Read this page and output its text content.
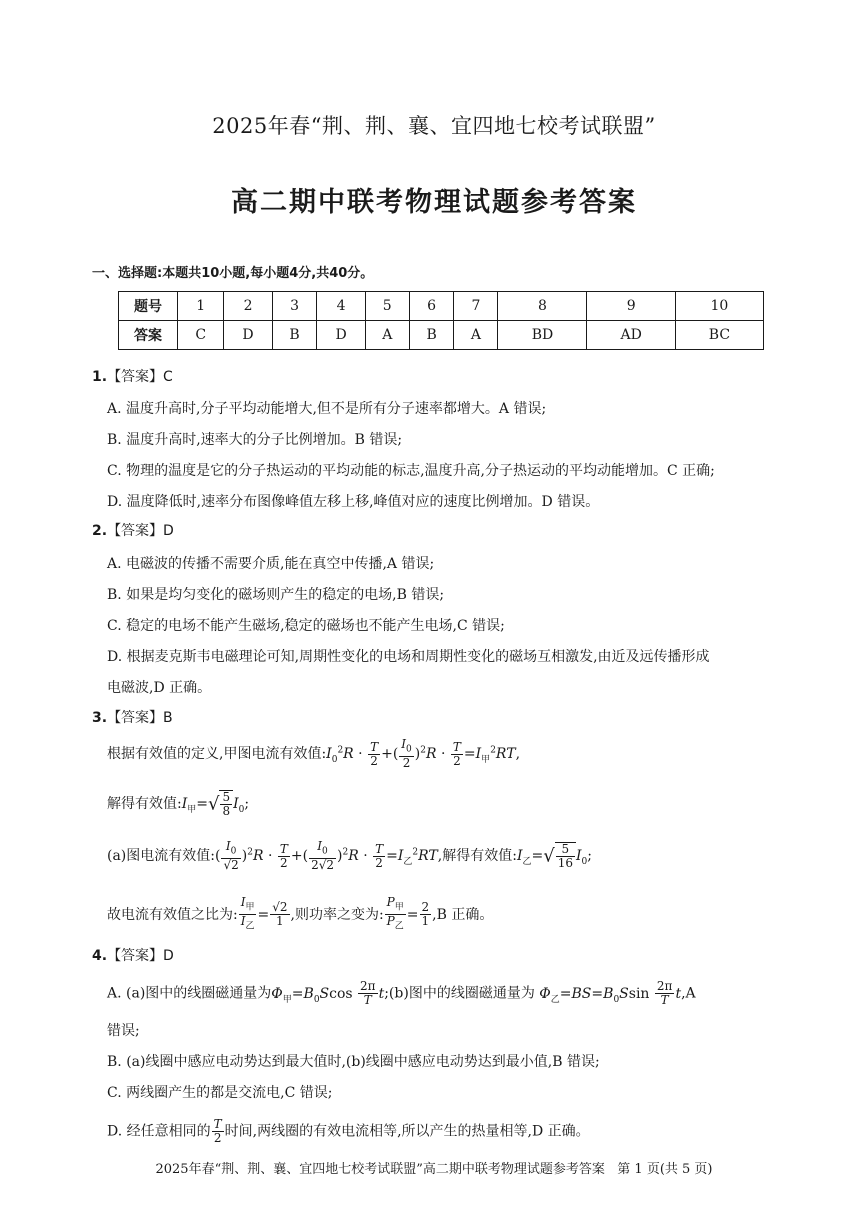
2025年春“荆、荆、襄、宜四地七校考试联盟”
高二期中联考物理试题参考答案
一、选择题:本题共10小题,每小题4分,共40分。
题号	1	2	3	4	5	6	7	8	9	10
答案	C	D	B	D	A	B	A	BD	AD	BC
1.【答案】C
A. 温度升高时,分子平均动能增大,但不是所有分子速率都增大。A 错误;
B. 温度升高时,速率大的分子比例增加。B 错误;
C. 物理的温度是它的分子热运动的平均动能的标志,温度升高,分子热运动的平均动能增加。C 正确;
D. 温度降低时,速率分布图像峰值左移上移,峰值对应的速度比例增加。D 错误。
2.【答案】D
A. 电磁波的传播不需要介质,能在真空中传播,A 错误;
B. 如果是均匀变化的磁场则产生的稳定的电场,B 错误;
C. 稳定的电场不能产生磁场,稳定的磁场也不能产生电场,C 错误;
D. 根据麦克斯韦电磁理论可知,周期性变化的电场和周期性变化的磁场互相激发,由近及远传播形成
电磁波,D 正确。
3.【答案】B
根据有效值的定义,甲图电流有效值$:I_0^2R \cdot \frac{T}{2}$ +( $\frac{I_0}{2} )^2R \cdot \frac{T}{2} =I_甲^2RT$,
解得有效值$:I_甲=√ \frac{5}{8} I_0$;
(a)图电流有效值:( $\frac{I_0}{√2} )^2R \cdot \frac{T}{2}$ +( $\frac{I_0}{2√2} )^2R \cdot \frac{T}{2} =I_乙^2RT$,解得有效值$:I_乙=√ \frac{5}{16} I_0$;
故电流有效值之比为: $\frac{I_甲}{I_乙} = \frac{√2}{1}$ ,则功率之变为: $\frac{P_甲}{P_乙} = \frac{2}{1} ,B$ 正确。
4.【答案】D
A. (a)图中的线圈磁通量为$\Phi_甲=B_0Scos \frac{2\pi}{T}$ t;(b)图中的线圈磁通量为 $\Phi_乙=BS=B_0Ssin \frac{2\pi}{T} t,A$
错误;
B. (a)线圈中感应电动势达到最大值时,(b)线圈中感应电动势达到最小值,B 错误;
C. 两线圈产生的都是交流电,C 错误;
D. 经任意相同的 $\frac{T}{2}$ 时间,两线圈的有效电流相等,所以产生的热量相等,D 正确。
2025年春“荆、荆、襄、宜四地七校考试联盟”高二期中联考物理试题参考答案 第 1 页(共 5 页)
